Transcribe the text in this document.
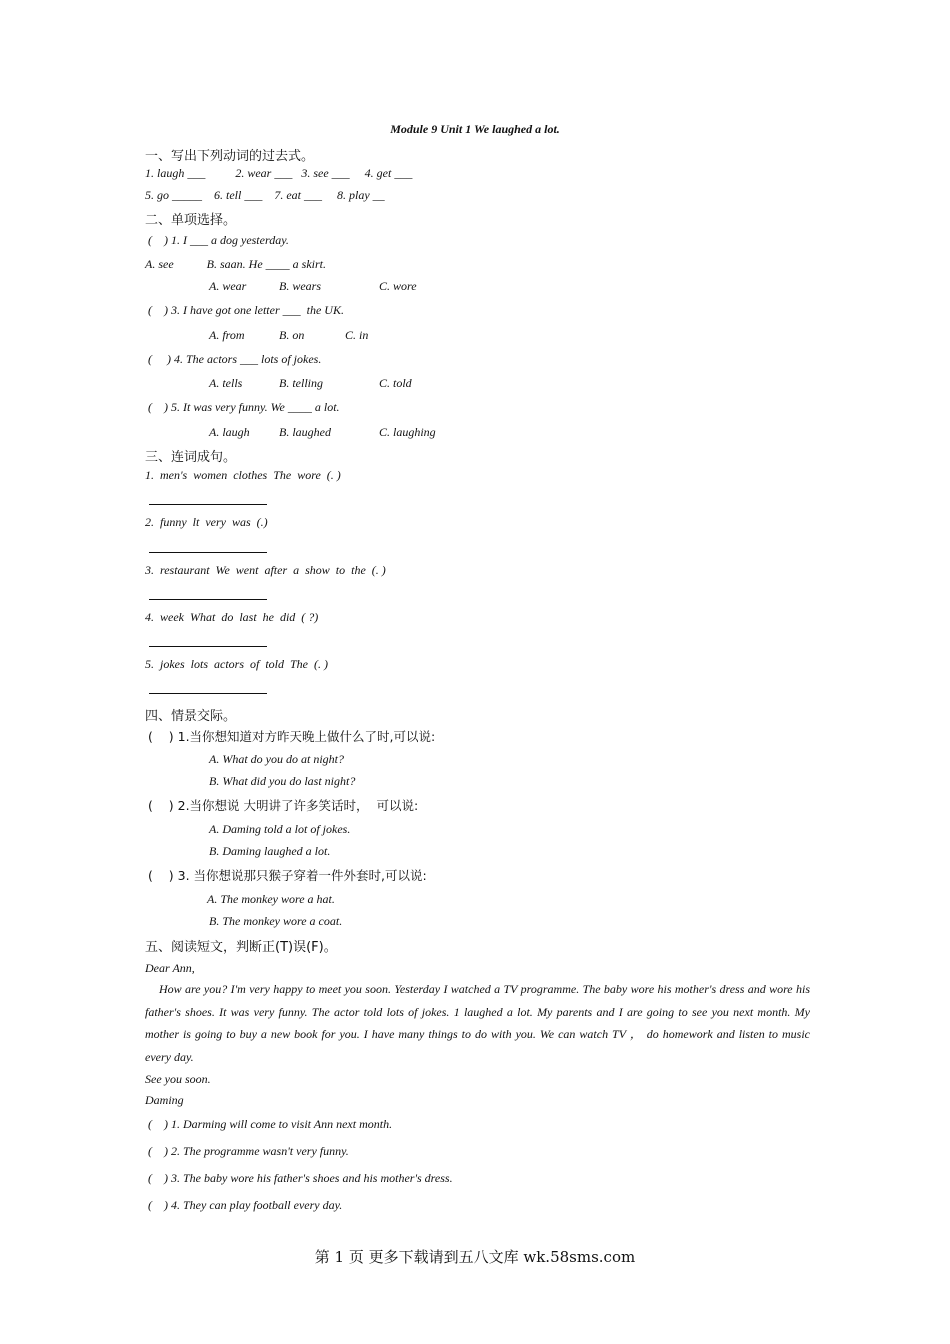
Module 9 Unit 1 We laughed a lot.
一、写出下列动词的过去式。
1. laugh ___          2. wear ___   3. see ___     4. get ___
5. go _____    6. tell ___    7. eat ___     8. play __
二、单项选择。
(    ) 1. I ___ a dog yesterday.
A. see           B. saan. He ____ a skirt.
A. wear	B. wears	C. wore
(    ) 3. I have got one letter ___  the UK.
A. from	B. on	C. in
(     ) 4. The actors ___ lots of jokes.
A. tells	B. telling	C. told
(    ) 5. It was very funny. We ____ a lot.
A. laugh B. laughed	C. laughing
三、连词成句。
1.  men's  women  clothes  The  wore  (. )
2.  funny  lt  very  was  (.)
3.  restaurant  We  went  after  a  show  to  the  (. )
4.  week  What  do  last  he  did  ( ?)
5.  jokes  lots  actors  of  told  The  (. )
四、情景交际。
(    ) 1.当你想知道对方昨天晚上做什么了时,可以说:
A. What do you do at night?
B. What did you do last night?
(    ) 2.当你想说 大明讲了许多笑话时，  可以说:
A. Daming told a lot of jokes.
B. Daming laughed a lot.
(    ) 3. 当你想说那只猴子穿着一件外套时,可以说:
A. The monkey wore a hat.
B. The monkey wore a coat.
五、阅读短文，判断正(T)误(F)。
Dear Ann,
How are you? I'm very happy to meet you soon. Yesterday I watched a TV programme. The baby wore his mother's dress and wore his father's shoes. It was very funny. The actor told lots of jokes. 1 laughed a lot. My parents and I are going to see you next month. My mother is going to buy a new book for you. I have many things to do with you. We can watch TV ， do homework and listen to music every day.
See you soon.
Daming
(    ) 1. Darming will come to visit Ann next month.
(    ) 2. The programme wasn't very funny.
(    ) 3. The baby wore his father's shoes and his mother's dress.
(    ) 4. They can play football every day.
第 1 页 更多下载请到五八文库 wk.58sms.com
